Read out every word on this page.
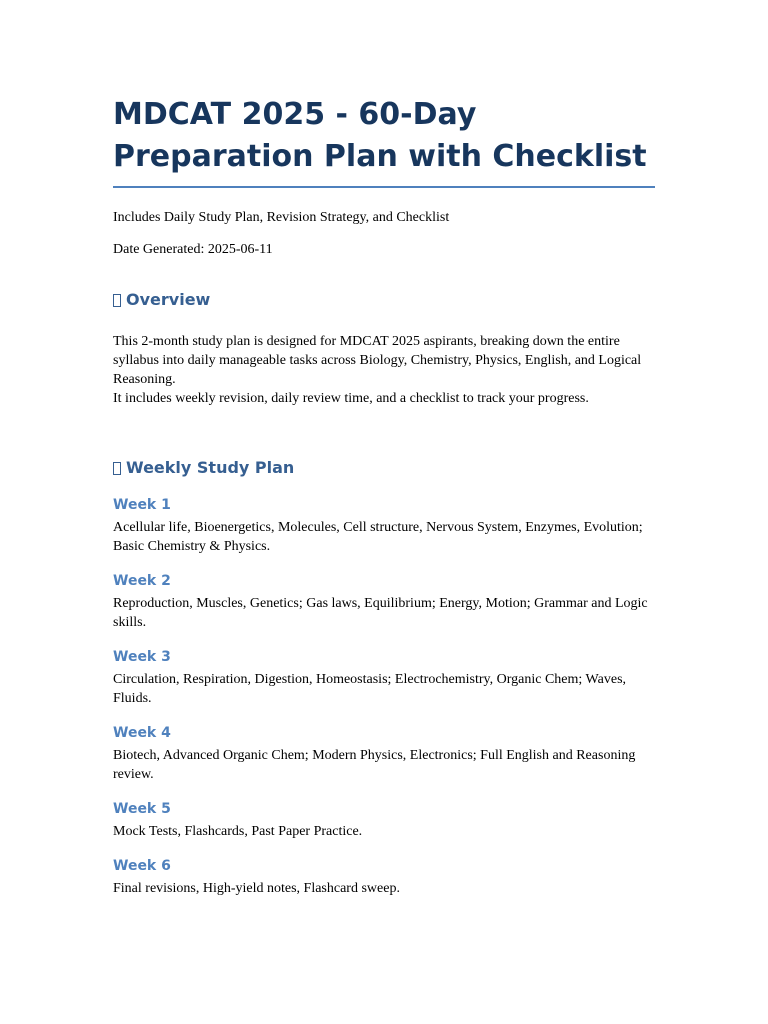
MDCAT 2025 - 60-Day Preparation Plan with Checklist

Includes Daily Study Plan, Revision Strategy, and Checklist

Date Generated: 2025-06-11

Overview

This 2-month study plan is designed for MDCAT 2025 aspirants, breaking down the entire syllabus into daily manageable tasks across Biology, Chemistry, Physics, English, and Logical Reasoning.

It includes weekly revision, daily review time, and a checklist to track your progress.

Weekly Study Plan
Week 1

Acellular life, Bioenergetics, Molecules, Cell structure, Nervous System, Enzymes, Evolution; Basic Chemistry & Physics.

Week 2

Reproduction, Muscles, Genetics; Gas laws, Equilibrium; Energy, Motion; Grammar and Logic skills.

Week 3

Circulation, Respiration, Digestion, Homeostasis; Electrochemistry, Organic Chem; Waves, Fluids.

Week 4

Biotech, Advanced Organic Chem; Modern Physics, Electronics; Full English and Reasoning review.

Week 5

Mock Tests, Flashcards, Past Paper Practice.

Week 6

Final revisions, High-yield notes, Flashcard sweep.
